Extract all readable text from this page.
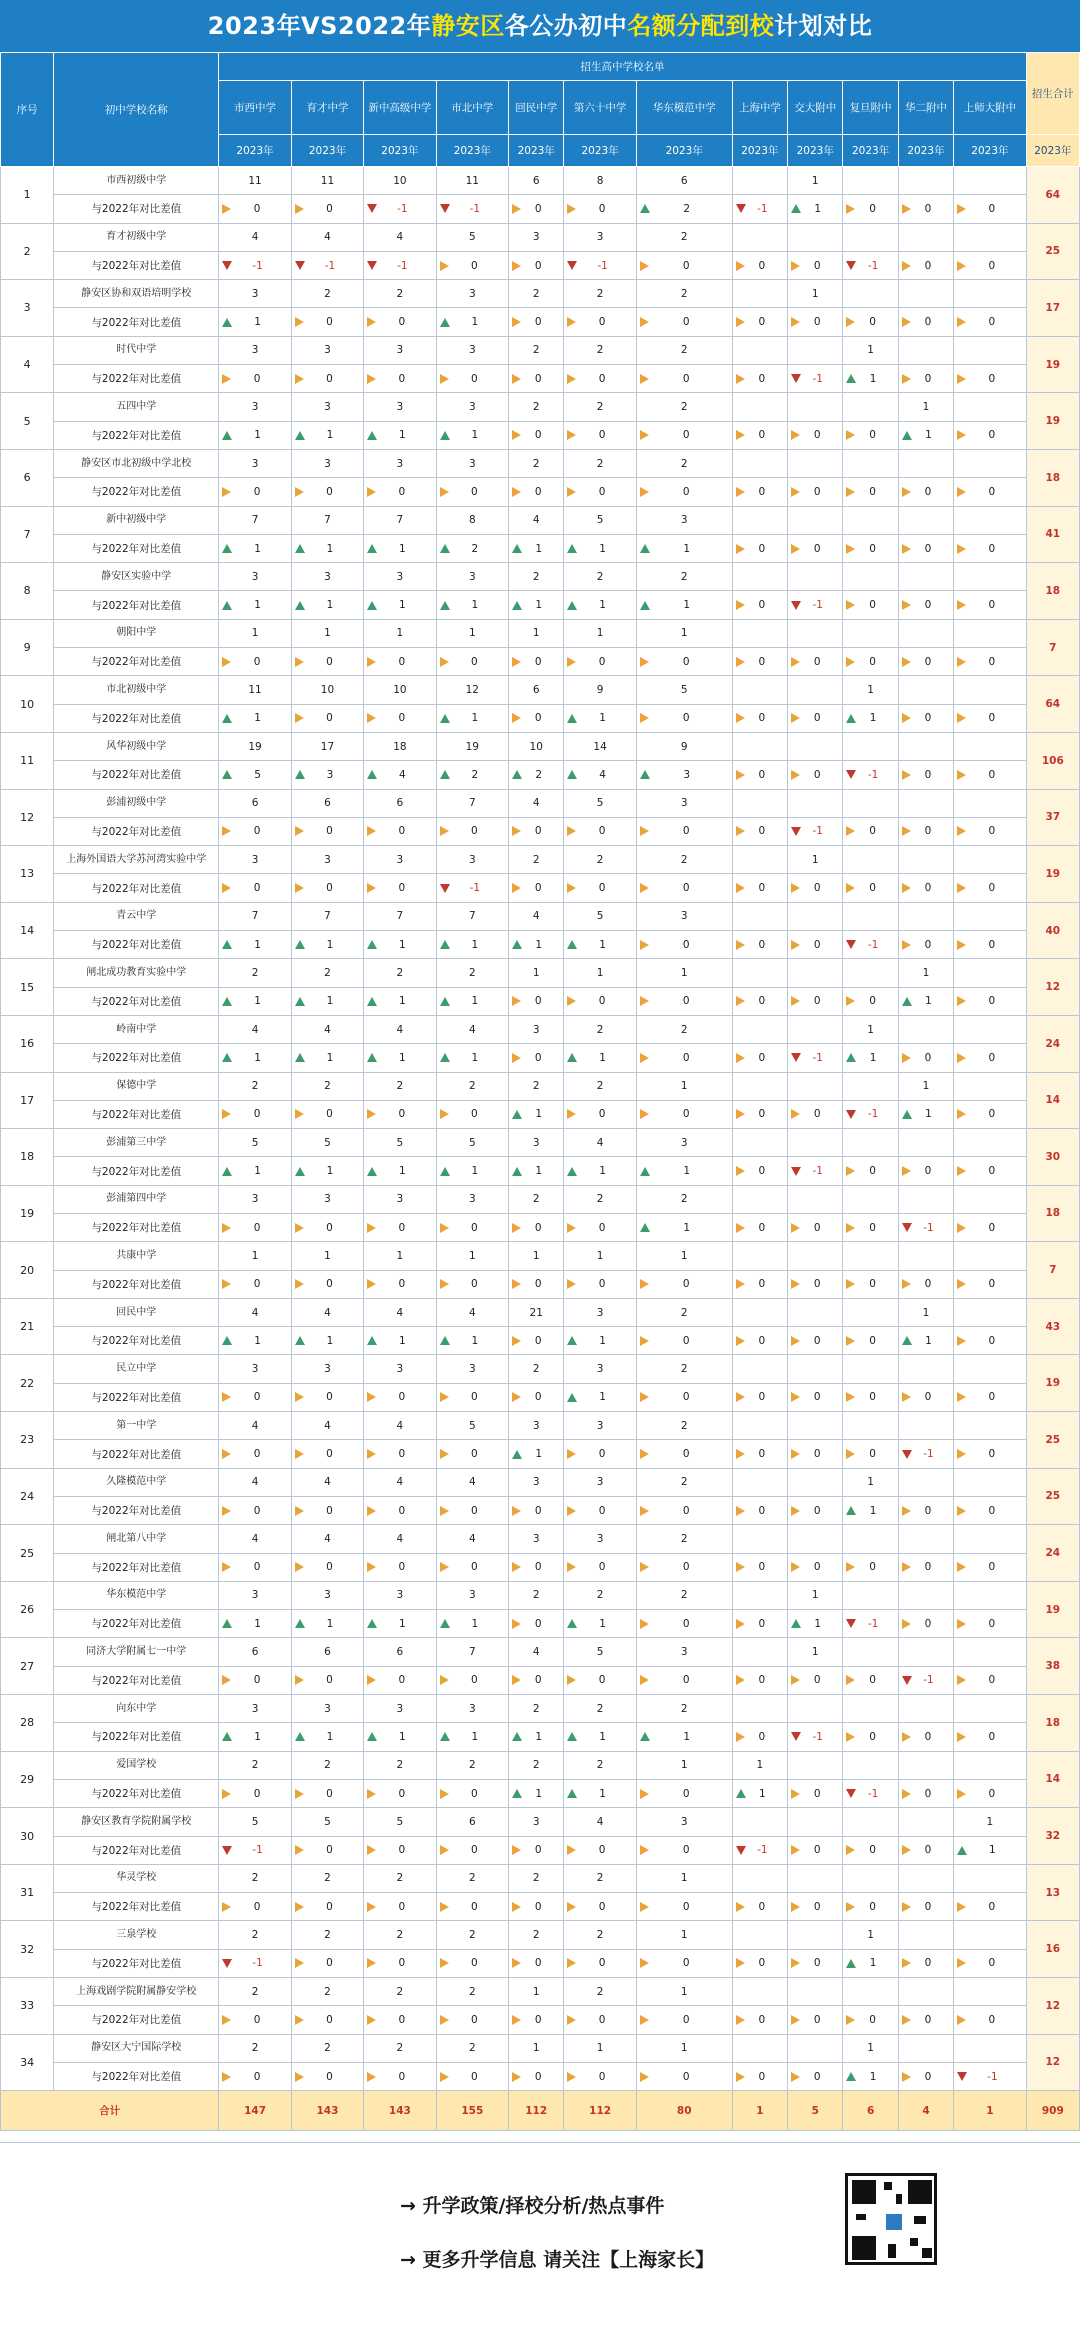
2023年VS2022年静安区各公办初中名额分配到校计划对比
序号	初中学校名称	招生高中学校名单												招生合计
		市西中学	育才中学	新中高级中学	市北中学	回民中学	第六十中学	华东模范中学	上海中学	交大附中	复旦附中	华二附中	上师大附中	
		2023年	2023年	2023年	2023年	2023年	2023年	2023年	2023年	2023年	2023年	2023年	2023年	2023年
1	市西初级中学	11	11	10	11	6	8	6		1				64
	与2022年对比差值	0	0	-1	-1	0	0	2	-1	1	0	0	0	

2	育才初级中学	4	4	4	5	3	3	2						25
	与2022年对比差值	-1	-1	-1	0	0	-1	0	0	0	-1	0	0	

3	静安区协和双语培明学校	3	2	2	3	2	2	2		1				17
	与2022年对比差值	1	0	0	1	0	0	0	0	0	0	0	0	

4	时代中学	3	3	3	3	2	2	2			1			19
	与2022年对比差值	0	0	0	0	0	0	0	0	-1	1	0	0	

5	五四中学	3	3	3	3	2	2	2				1		19
	与2022年对比差值	1	1	1	1	0	0	0	0	0	0	1	0	

6	静安区市北初级中学北校	3	3	3	3	2	2	2						18
	与2022年对比差值	0	0	0	0	0	0	0	0	0	0	0	0	

7	新中初级中学	7	7	7	8	4	5	3						41
	与2022年对比差值	1	1	1	2	1	1	1	0	0	0	0	0	

8	静安区实验中学	3	3	3	3	2	2	2						18
	与2022年对比差值	1	1	1	1	1	1	1	0	-1	0	0	0	

9	朝阳中学	1	1	1	1	1	1	1						7
	与2022年对比差值	0	0	0	0	0	0	0	0	0	0	0	0	

10	市北初级中学	11	10	10	12	6	9	5			1			64
	与2022年对比差值	1	0	0	1	0	1	0	0	0	1	0	0	

11	风华初级中学	19	17	18	19	10	14	9						106
	与2022年对比差值	5	3	4	2	2	4	3	0	0	-1	0	0	

12	彭浦初级中学	6	6	6	7	4	5	3						37
	与2022年对比差值	0	0	0	0	0	0	0	0	-1	0	0	0	

13	上海外国语大学苏河湾实验中学	3	3	3	3	2	2	2		1				19
	与2022年对比差值	0	0	0	-1	0	0	0	0	0	0	0	0	

14	青云中学	7	7	7	7	4	5	3						40
	与2022年对比差值	1	1	1	1	1	1	0	0	0	-1	0	0	

15	闸北成功教育实验中学	2	2	2	2	1	1	1				1		12
	与2022年对比差值	1	1	1	1	0	0	0	0	0	0	1	0	

16	岭南中学	4	4	4	4	3	2	2			1			24
	与2022年对比差值	1	1	1	1	0	1	0	0	-1	1	0	0	

17	保德中学	2	2	2	2	2	2	1				1		14
	与2022年对比差值	0	0	0	0	1	0	0	0	0	-1	1	0	

18	彭浦第三中学	5	5	5	5	3	4	3						30
	与2022年对比差值	1	1	1	1	1	1	1	0	-1	0	0	0	

19	彭浦第四中学	3	3	3	3	2	2	2						18
	与2022年对比差值	0	0	0	0	0	0	1	0	0	0	-1	0	

20	共康中学	1	1	1	1	1	1	1						7
	与2022年对比差值	0	0	0	0	0	0	0	0	0	0	0	0	

21	回民中学	4	4	4	4	21	3	2				1		43
	与2022年对比差值	1	1	1	1	0	1	0	0	0	0	1	0	

22	民立中学	3	3	3	3	2	3	2						19
	与2022年对比差值	0	0	0	0	0	1	0	0	0	0	0	0	

23	第一中学	4	4	4	5	3	3	2						25
	与2022年对比差值	0	0	0	0	1	0	0	0	0	0	-1	0	

24	久隆模范中学	4	4	4	4	3	3	2			1			25
	与2022年对比差值	0	0	0	0	0	0	0	0	0	1	0	0	

25	闸北第八中学	4	4	4	4	3	3	2						24
	与2022年对比差值	0	0	0	0	0	0	0	0	0	0	0	0	

26	华东模范中学	3	3	3	3	2	2	2		1				19
	与2022年对比差值	1	1	1	1	0	1	0	0	1	-1	0	0	

27	同济大学附属七一中学	6	6	6	7	4	5	3		1				38
	与2022年对比差值	0	0	0	0	0	0	0	0	0	0	-1	0	

28	向东中学	3	3	3	3	2	2	2						18
	与2022年对比差值	1	1	1	1	1	1	1	0	-1	0	0	0	

29	爱国学校	2	2	2	2	2	2	1	1					14
	与2022年对比差值	0	0	0	0	1	1	0	1	0	-1	0	0	

30	静安区教育学院附属学校	5	5	5	6	3	4	3					1	32
	与2022年对比差值	-1	0	0	0	0	0	0	-1	0	0	0	1	

31	华灵学校	2	2	2	2	2	2	1						13
	与2022年对比差值	0	0	0	0	0	0	0	0	0	0	0	0	

32	三泉学校	2	2	2	2	2	2	1			1			16
	与2022年对比差值	-1	0	0	0	0	0	0	0	0	1	0	0	

33	上海戏剧学院附属静安学校	2	2	2	2	1	2	1						12
	与2022年对比差值	0	0	0	0	0	0	0	0	0	0	0	0	

34	静安区大宁国际学校	2	2	2	2	1	1	1			1			12
	与2022年对比差值	0	0	0	0	0	0	0	0	0	1	0	-1	

合计		147	143	143	155	112	112	80	1	5	6	4	1	909
→ 升学政策/择校分析/热点事件
→ 更多升学信息 请关注【上海家长】
